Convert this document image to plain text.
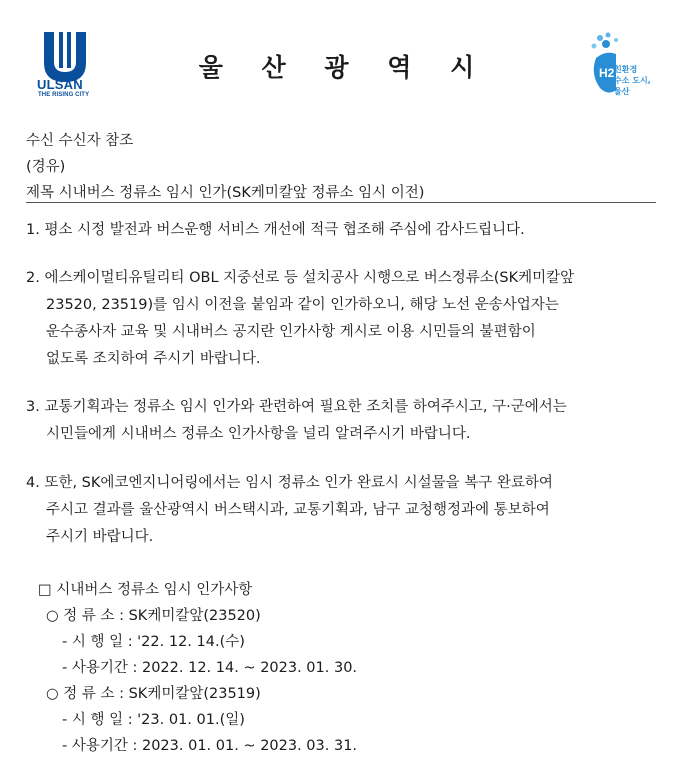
ULSAN
THE RISING CITY
울 산 광 역 시	H2 친환경
수소 도시,
울산
수신 수신자 참조
(경유)
제목 시내버스 정류소 임시 인가(SK케미칼앞 정류소 임시 이전)
1. 평소 시정 발전과 버스운행 서비스 개선에 적극 협조해 주심에 감사드립니다.
2. 에스케이멀티유틸리티 OBL 지중선로 등 설치공사 시행으로 버스정류소(SK케미칼앞
23520, 23519)를 임시 이전을 붙임과 같이 인가하오니, 해당 노선 운송사업자는
운수종사자 교육 및 시내버스 공지란 인가사항 게시로 이용 시민들의 불편함이
없도록 조치하여 주시기 바랍니다.
3. 교통기획과는 정류소 임시 인가와 관련하여 필요한 조치를 하여주시고, 구·군에서는
시민들에게 시내버스 정류소 인가사항을 널리 알려주시기 바랍니다.
4. 또한, SK에코엔지니어링에서는 임시 정류소 인가 완료시 시설물을 복구 완료하여
주시고 결과를 울산광역시 버스택시과, 교통기획과, 남구 교청행정과에 통보하여
주시기 바랍니다.
□ 시내버스 정류소 임시 인가사항
○ 정 류 소 : SK케미칼앞(23520)
- 시 행 일 : '22. 12. 14.(수)
- 사용기간 : 2022. 12. 14. ~ 2023. 01. 30.
○ 정 류 소 : SK케미칼앞(23519)
- 시 행 일 : '23. 01. 01.(일)
- 사용기간 : 2023. 01. 01. ~ 2023. 03. 31.
